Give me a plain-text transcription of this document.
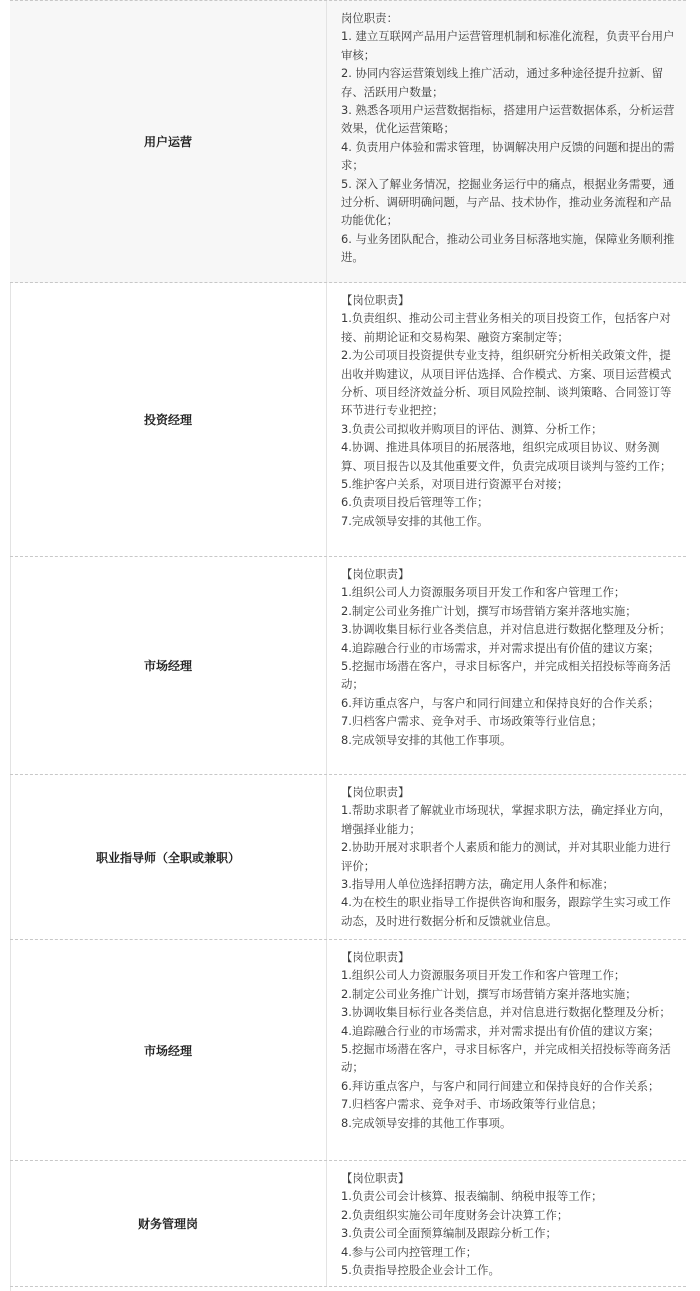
用户运营
岗位职责：
1. 建立互联网产品用户运营管理机制和标准化流程，负责平台用户审核；
2. 协同内容运营策划线上推广活动，通过多种途径提升拉新、留存、活跃用户数量；
3. 熟悉各项用户运营数据指标，搭建用户运营数据体系，分析运营效果，优化运营策略；
4. 负责用户体验和需求管理，协调解决用户反馈的问题和提出的需求；
5. 深入了解业务情况，挖掘业务运行中的痛点，根据业务需要，通过分析、调研明确问题，与产品、技术协作，推动业务流程和产品功能优化；
6. 与业务团队配合，推动公司业务目标落地实施，保障业务顺利推进。
投资经理
【岗位职责】
1.负责组织、推动公司主营业务相关的项目投资工作，包括客户对接、前期论证和交易构架、融资方案制定等；
2.为公司项目投资提供专业支持，组织研究分析相关政策文件，提出收并购建议，从项目评估选择、合作模式、方案、项目运营模式分析、项目经济效益分析、项目风险控制、谈判策略、合同签订等环节进行专业把控；
3.负责公司拟收并购项目的评估、测算、分析工作；
4.协调、推进具体项目的拓展落地，组织完成项目协议、财务测算、项目报告以及其他重要文件，负责完成项目谈判与签约工作；
5.维护客户关系，对项目进行资源平台对接；
6.负责项目投后管理等工作；
7.完成领导安排的其他工作。
市场经理
【岗位职责】
1.组织公司人力资源服务项目开发工作和客户管理工作；
2.制定公司业务推广计划，撰写市场营销方案并落地实施；
3.协调收集目标行业各类信息，并对信息进行数据化整理及分析；
4.追踪融合行业的市场需求，并对需求提出有价值的建议方案；
5.挖掘市场潜在客户，寻求目标客户，并完成相关招投标等商务活动；
6.拜访重点客户，与客户和同行间建立和保持良好的合作关系；
7.归档客户需求、竞争对手、市场政策等行业信息；
8.完成领导安排的其他工作事项。
职业指导师（全职或兼职）
【岗位职责】
1.帮助求职者了解就业市场现状，掌握求职方法，确定择业方向，增强择业能力；
2.协助开展对求职者个人素质和能力的测试，并对其职业能力进行评价；
3.指导用人单位选择招聘方法，确定用人条件和标准；
4.为在校生的职业指导工作提供咨询和服务，跟踪学生实习或工作动态，及时进行数据分析和反馈就业信息。
市场经理
【岗位职责】
1.组织公司人力资源服务项目开发工作和客户管理工作；
2.制定公司业务推广计划，撰写市场营销方案并落地实施；
3.协调收集目标行业各类信息，并对信息进行数据化整理及分析；
4.追踪融合行业的市场需求，并对需求提出有价值的建议方案；
5.挖掘市场潜在客户，寻求目标客户，并完成相关招投标等商务活动；
6.拜访重点客户，与客户和同行间建立和保持良好的合作关系；
7.归档客户需求、竞争对手、市场政策等行业信息；
8.完成领导安排的其他工作事项。
财务管理岗
【岗位职责】
1.负责公司会计核算、报表编制、纳税申报等工作；
2.负责组织实施公司年度财务会计决算工作；
3.负责公司全面预算编制及跟踪分析工作；
4.参与公司内控管理工作；
5.负责指导控股企业会计工作。
